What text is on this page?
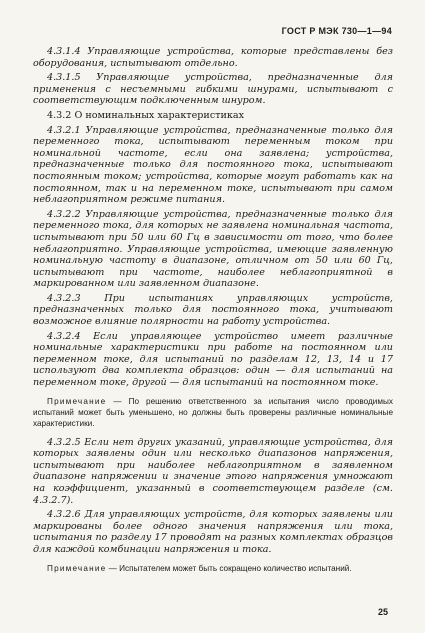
ГОСТ Р МЭК 730—1—94

4.3.1.4 Управляющие устройства, которые представлены без оборудования, испытывают отдельно.

4.3.1.5 Управляющие устройства, предназначенные для применения с несъемными гибкими шнурами, испытывают с соответствующим подключенным шнуром.

4.3.2 О номинальных характеристиках

4.3.2.1 Управляющие устройства, предназначенные только для переменного тока, испытывают переменным током при номинальной частоте, если она заявлена; устройства, предназначенные только для постоянного тока, испытывают постоянным током; устройства, которые могут работать как на постоянном, так и на переменном токе, испытывают при самом неблагоприятном режиме питания.

4.3.2.2 Управляющие устройства, предназначенные только для переменного тока, для которых не заявлена номинальная частота, испытывают при 50 или 60 Гц в зависимости от того, что более неблагоприятно. Управляющие устройства, имеющие заявленную номинальную частоту в диапазоне, отличном от 50 или 60 Гц, испытывают при частоте, наиболее неблагоприятной в маркированном или заявленном диапазоне.

4.3.2.3 При испытаниях управляющих устройств, предназначенных только для постоянного тока, учитывают возможное влияние полярности на работу устройства.

4.3.2.4 Если управляющее устройство имеет различные номинальные характеристики при работе на постоянном или переменном токе, для испытаний по разделам 12, 13, 14 и 17 используют два комплекта образцов: один — для испытаний на переменном токе, другой — для испытаний на постоянном токе.

Примечание — По решению ответственного за испытания число проводимых испытаний может быть уменьшено, но должны быть проверены различные номинальные характеристики.

4.3.2.5 Если нет других указаний, управляющие устройства, для которых заявлены один или несколько диапазонов напряжения, испытывают при наиболее неблагоприятном в заявленном диапазоне напряжении и значение этого напряжения умножают на коэффициент, указанный в соответствующем разделе (см. 4.3.2.7).

4.3.2.6 Для управляющих устройств, для которых заявлены или маркированы более одного значения напряжения или тока, испытания по разделу 17 проводят на разных комплектах образцов для каждой комбинации напряжения и тока.

Примечание — Испытателем может быть сокращено количество испытаний.

25
